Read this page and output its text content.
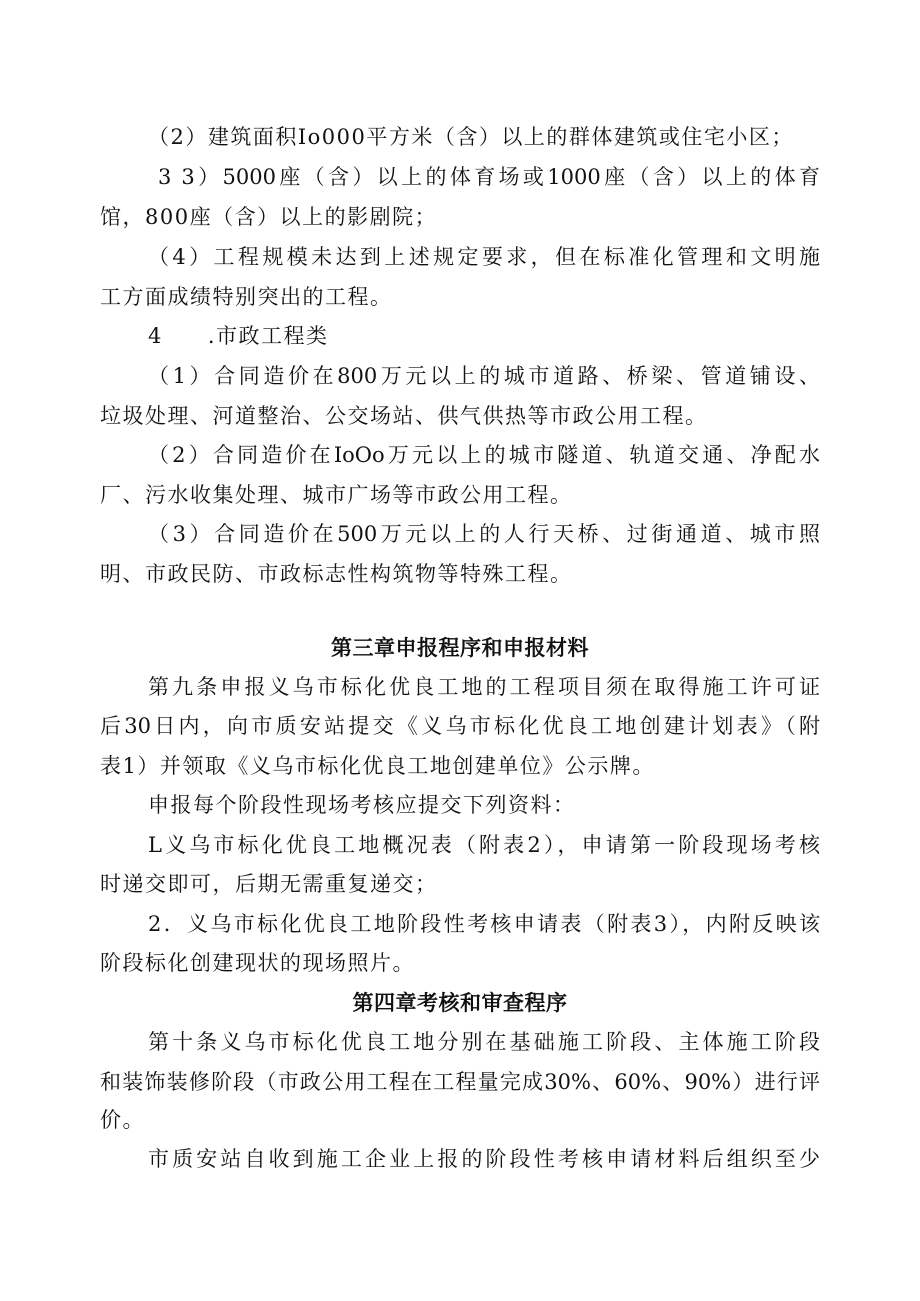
（2）建筑面积Io000平方米（含）以上的群体建筑或住宅小区；
3 3）5000座（含）以上的体育场或1000座（含）以上的体育
馆，800座（含）以上的影剧院；
（4）工程规模未达到上述规定要求，但在标准化管理和文明施
工方面成绩特别突出的工程。
4　　.市政工程类
（1）合同造价在800万元以上的城市道路、桥梁、管道铺设、
垃圾处理、河道整治、公交场站、供气供热等市政公用工程。
（2）合同造价在IoOo万元以上的城市隧道、轨道交通、净配水
厂、污水收集处理、城市广场等市政公用工程。
（3）合同造价在500万元以上的人行天桥、过街通道、城市照
明、市政民防、市政标志性构筑物等特殊工程。
第三章申报程序和申报材料
第九条申报义乌市标化优良工地的工程项目须在取得施工许可证
后30日内，向市质安站提交《义乌市标化优良工地创建计划表》（附
表1）并领取《义乌市标化优良工地创建单位》公示牌。
申报每个阶段性现场考核应提交下列资料：
L义乌市标化优良工地概况表（附表2），申请第一阶段现场考核
时递交即可，后期无需重复递交；
2．义乌市标化优良工地阶段性考核申请表（附表3），内附反映该
阶段标化创建现状的现场照片。
第四章考核和审查程序
第十条义乌市标化优良工地分别在基础施工阶段、主体施工阶段
和装饰装修阶段（市政公用工程在工程量完成30%、60%、90%）进行评
价。
市质安站自收到施工企业上报的阶段性考核申请材料后组织至少
